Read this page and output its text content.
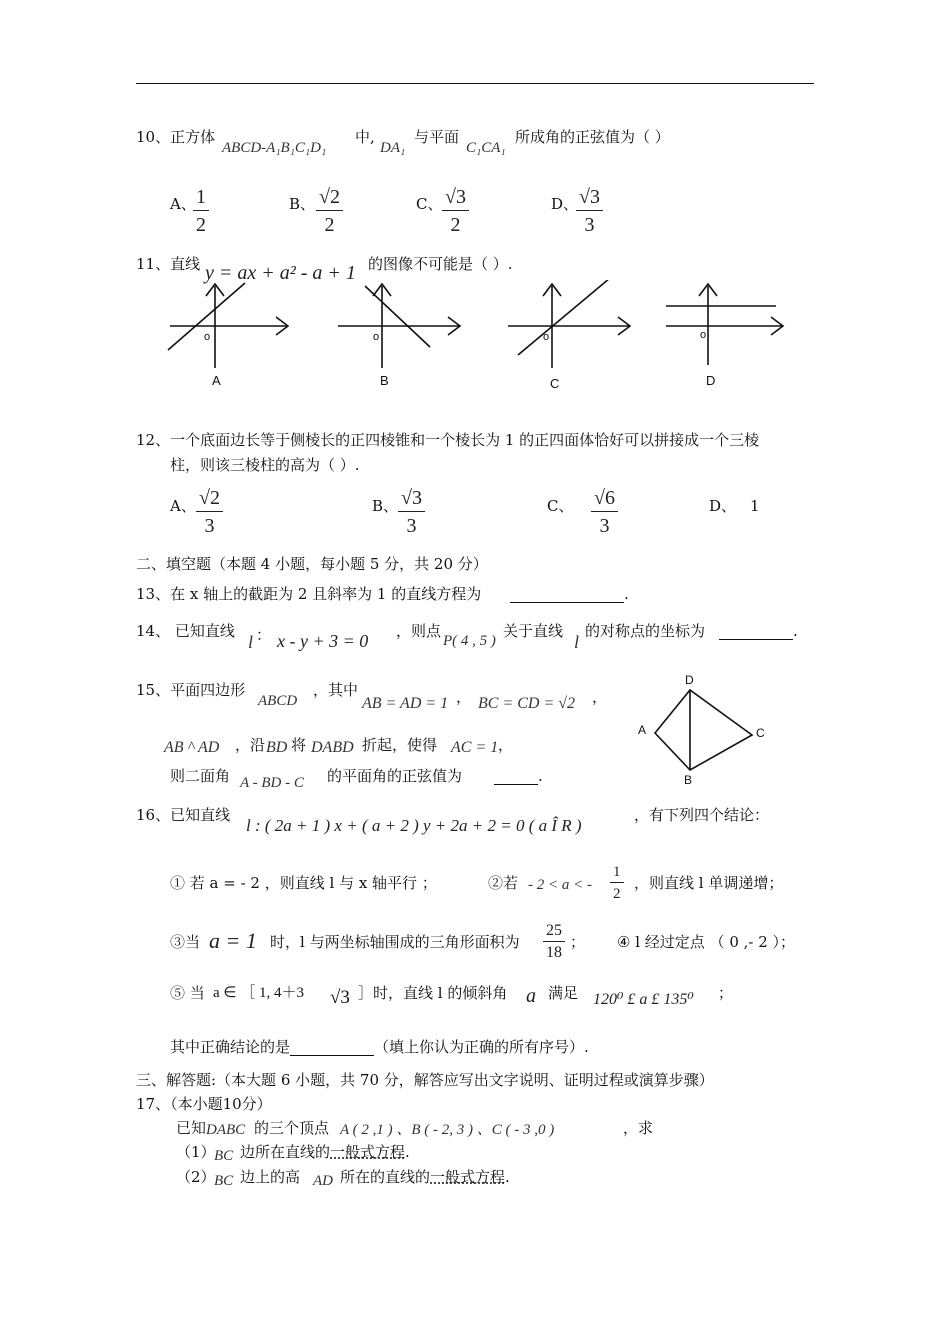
10、正方体
ABCD-A₁B₁C₁D₁
中,
DA₁
与平面
C₁CA₁
所成角的正弦值为（ ）
A、
$\frac{1}{2}$	B、 $\frac{√2}{2}$	C、 $\frac{√3}{2}$	D、
$\frac{√3}{3}$
11、直线 y = ax + a² - a + 1 的图像不可能是（ ）.
o	o	o	o
A	B	C	D
12、一个底面边长等于侧棱长的正四棱锥和一个棱长为 1 的正四面体恰好可以拼接成一个三棱
柱，则该三棱柱的高为（ ）.
A、 $\frac{√2}{3}$	B、 $\frac{√3}{3}$	C、 $\frac{√6}{3}$	D、 1
二、填空题（本题 4 小题，每小题 5 分，共 20 分）
13、在 x 轴上的截距为 2 且斜率为 1 的直线方程为	.
14、 已知直线
l ： x - y + 3 = 0 ，则点
P( 4 , 5 )
关于直线
l
的对称点的坐标为	.
15、平面四边形
ABCD
，其中
AB = AD = 1 ， BC = CD = √2 ，
AB ^ AD ，沿 BD 将 DABD 折起，使得 AC = 1 ，
则二面角 A - BD - C 的平面角的正弦值为	.
D
A	C
B
16、已知直线
l : ( 2a + 1 ) x + ( a + 2 ) y + 2a + 2 = 0 ( a Î R )
，有下列四个结论：
① 若 a = - 2 ，则直线 l 与 x 轴平行 ；	②若 - 2 < a < - $\frac{1}{2}$ ，则直线 l 单调递增；
③当 a = 1 时，l 与两坐标轴围成的三角形面积为 $\frac{25}{18}$ ； ④ l 经过定点 （ 0 ,- 2 ）；
⑤ 当 a ∈ ［ 1, 4＋3 √3 ］时，直线 l 的倾斜角 a 满足 120⁰ £ a £ 135⁰ ；
其中正确结论的是	（填上你认为正确的所有序号）.
三、解答题:（本大题 6 小题，共 70 分，解答应写出文字说明、证明过程或演算步骤）
17、（本小题10分）
已知 DABC 的三个顶点 A ( 2 ,1 ) 、B ( - 2, 3 ) 、C ( - 3 ,0 )	，求
（1）
BC 边所在直线的一般式方程.
（2）
BC 边上的高 AD 所在的直线的一般式方程.
